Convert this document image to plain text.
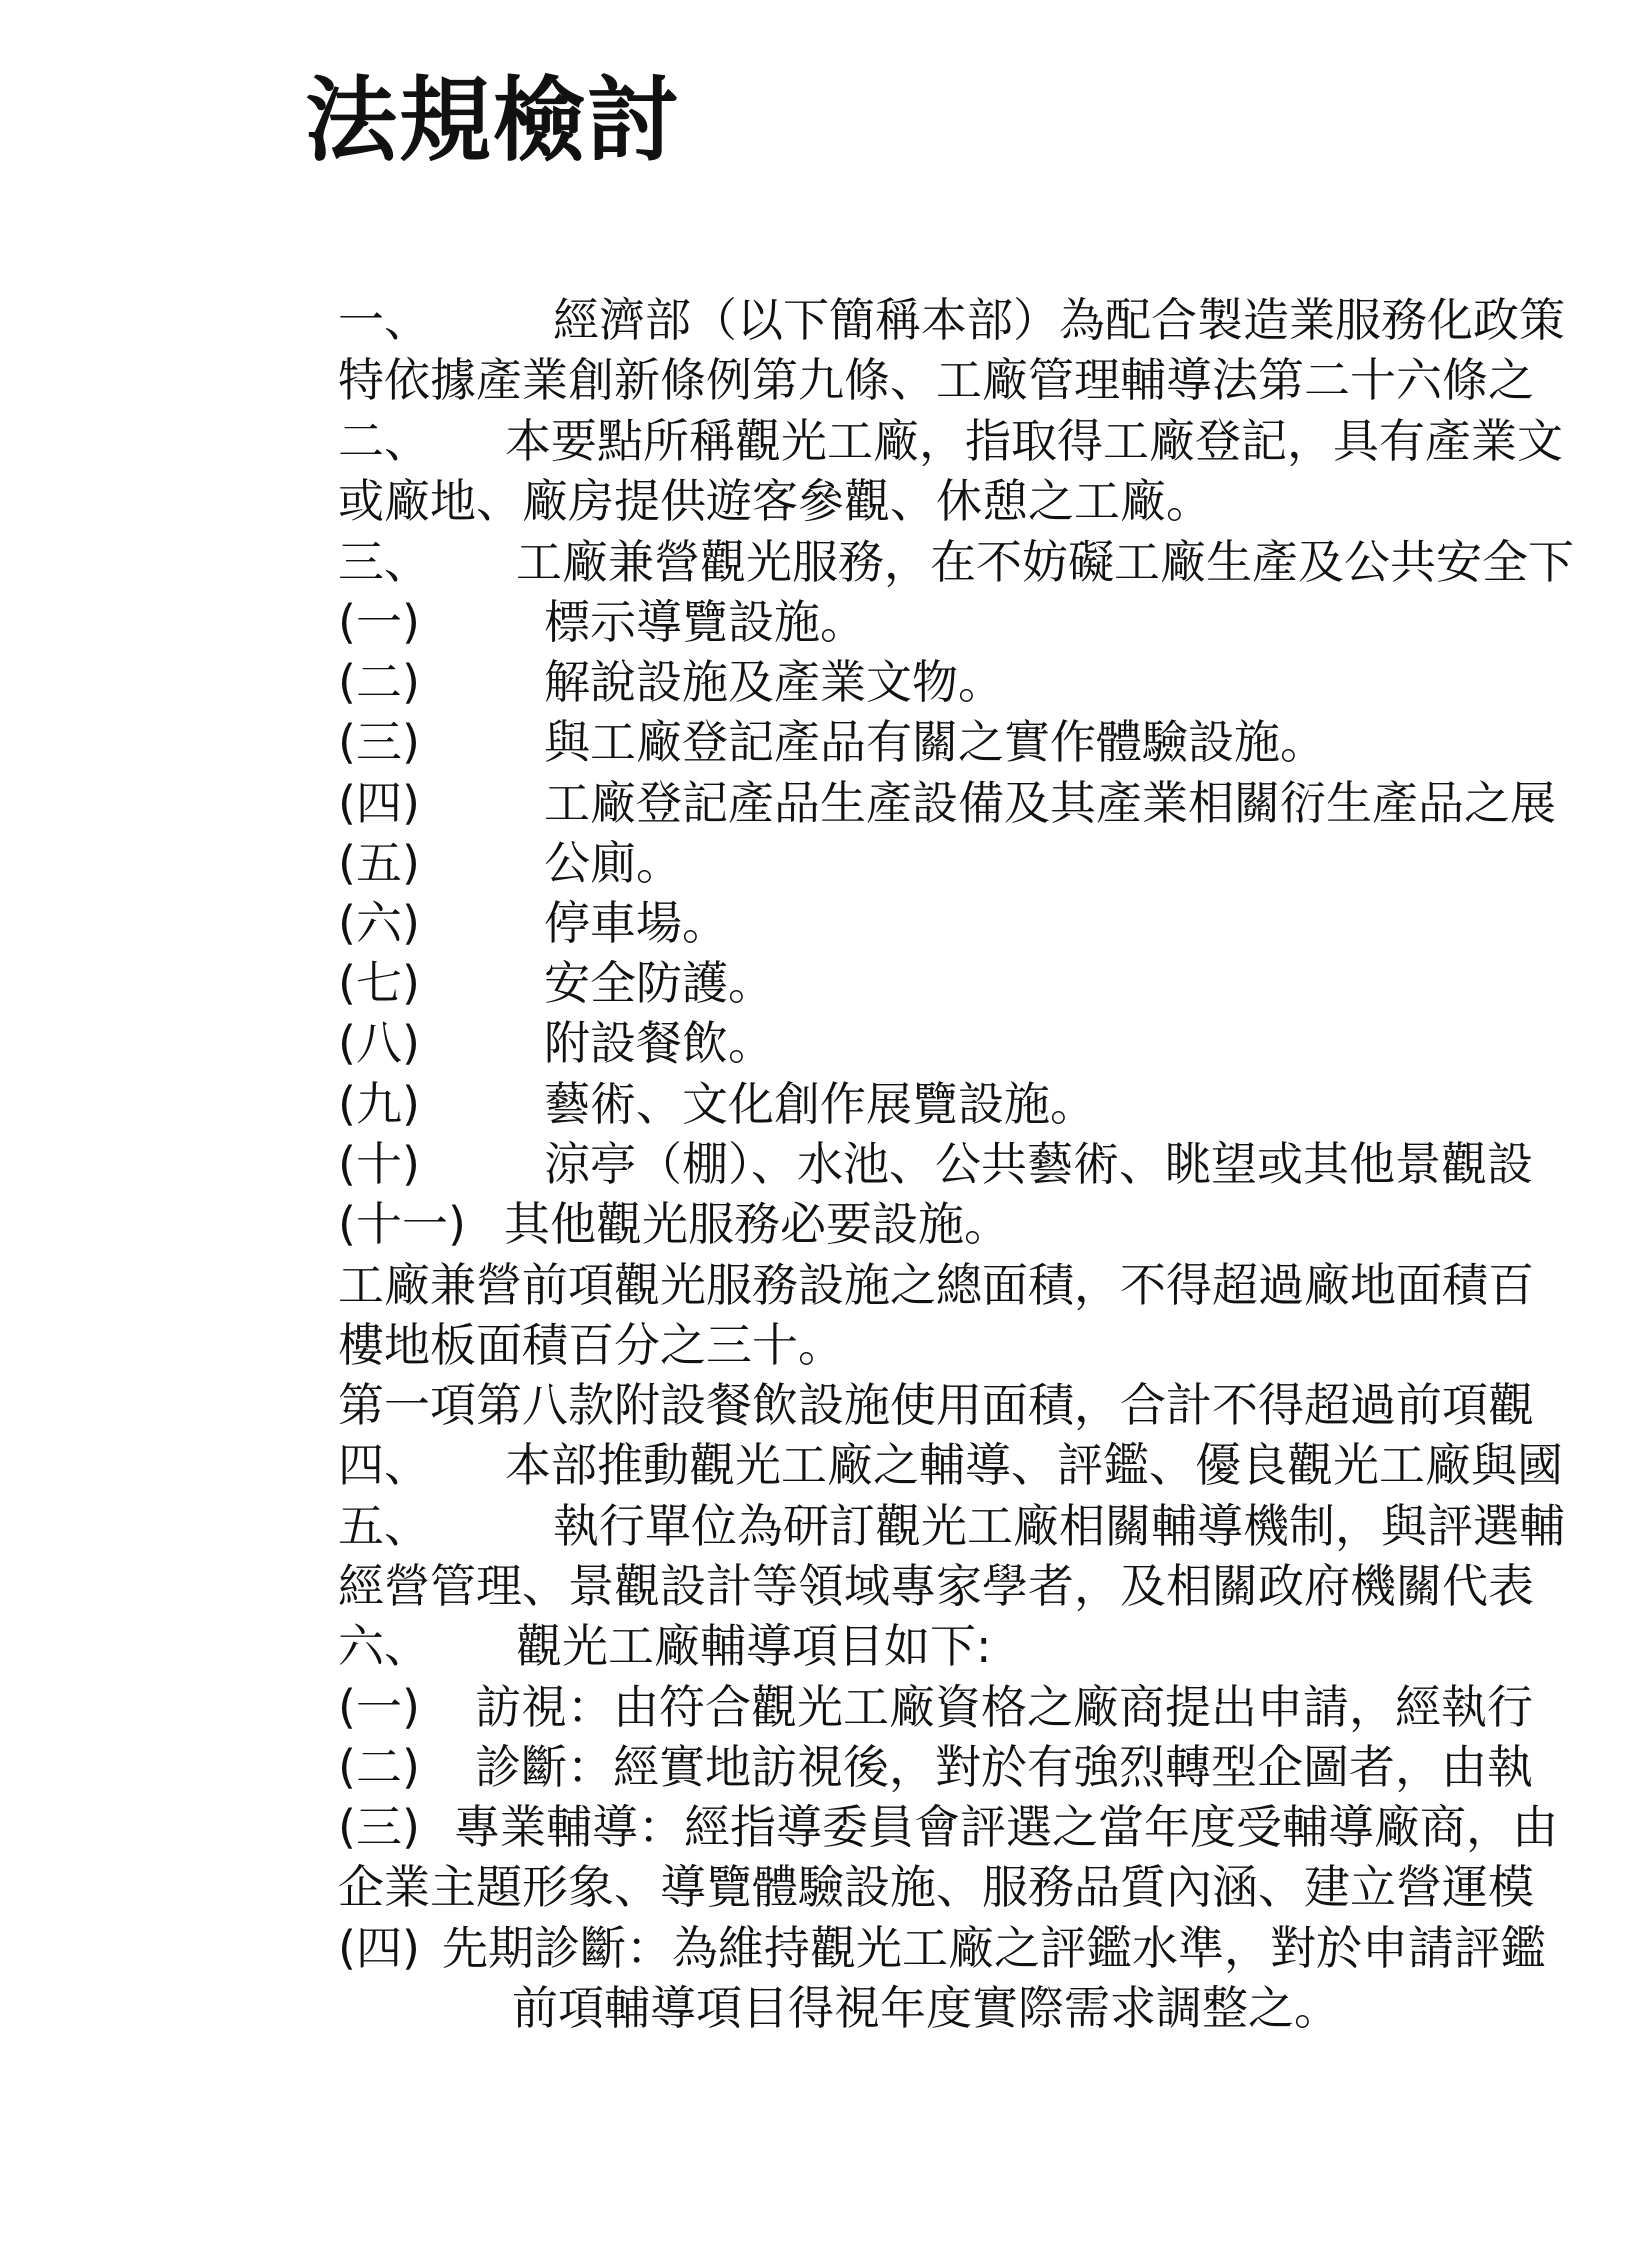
法規檢討
一、	經濟部（以下簡稱本部）為配合製造業服務化政策
特依據產業創新條例第九條、工廠管理輔導法第二十六條之
二、 本要點所稱觀光工廠，指取得工廠登記，具有產業文
或廠地、廠房提供遊客參觀、休憩之工廠。
三、 工廠兼營觀光服務，在不妨礙工廠生產及公共安全下
(一)	標示導覽設施。
(二)	解說設施及產業文物。
(三)	與工廠登記產品有關之實作體驗設施。
(四)	工廠登記產品生產設備及其產業相關衍生產品之展
(五)	公廁。
(六)	停車場。
(七)	安全防護。
(八)	附設餐飲。
(九)	藝術、文化創作展覽設施。
(十)	涼亭（棚）、水池、公共藝術、眺望或其他景觀設
(十一) 其他觀光服務必要設施。
工廠兼營前項觀光服務設施之總面積，不得超過廠地面積百
樓地板面積百分之三十。
第一項第八款附設餐飲設施使用面積，合計不得超過前項觀
四、 本部推動觀光工廠之輔導、評鑑、優良觀光工廠與國
五、	執行單位為研訂觀光工廠相關輔導機制，與評選輔
經營管理、景觀設計等領域專家學者，及相關政府機關代表
六、 觀光工廠輔導項目如下:
(一) 訪視：由符合觀光工廠資格之廠商提出申請，經執行
(二) 診斷：經實地訪視後，對於有強烈轉型企圖者，由執
(三) 專業輔導：經指導委員會評選之當年度受輔導廠商，由
企業主題形象、導覽體驗設施、服務品質內涵、建立營運模
(四) 先期診斷：為維持觀光工廠之評鑑水準，對於申請評鑑
前項輔導項目得視年度實際需求調整之。
